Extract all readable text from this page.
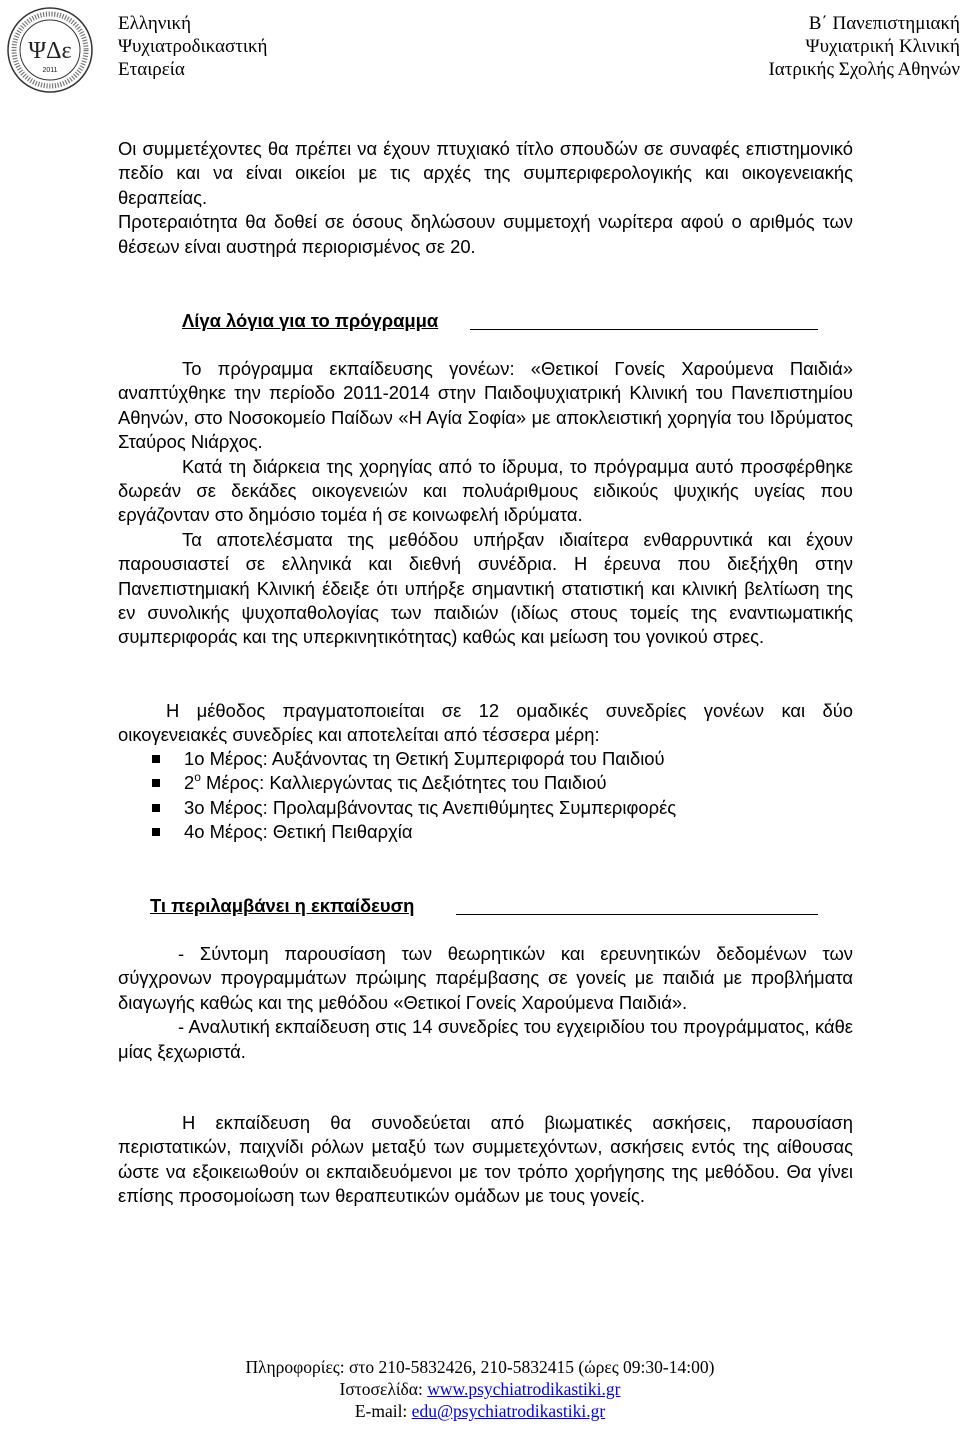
ΨΔε
2011
Ελληνική
Ψυχιατροδικαστική
Εταιρεία
Β΄ Πανεπιστημιακή
Ψυχιατρική Κλινική
Ιατρικής Σχολής Αθηνών

Οι συμμετέχοντες θα πρέπει να έχουν πτυχιακό τίτλο σπουδών σε συναφές επιστημονικό πεδίο και να είναι οικείοι με τις αρχές της συμπεριφερολογικής και οικογενειακής θεραπείας.

Προτεραιότητα θα δοθεί σε όσους δηλώσουν συμμετοχή νωρίτερα αφού ο αριθμός των θέσεων είναι αυστηρά περιορισμένος σε 20.

Λίγα λόγια για το πρόγραμμα

Το πρόγραμμα εκπαίδευσης γονέων: «Θετικοί Γονείς Χαρούμενα Παιδιά» αναπτύχθηκε την περίοδο 2011-2014 στην Παιδοψυχιατρική Κλινική του Πανεπιστημίου Αθηνών, στο Νοσοκομείο Παίδων «Η Αγία Σοφία» με αποκλειστική χορηγία του Ιδρύματος Σταύρος Νιάρχος.

Κατά τη διάρκεια της χορηγίας από το ίδρυμα, το πρόγραμμα αυτό προσφέρθηκε δωρεάν σε δεκάδες οικογενειών και πολυάριθμους ειδικούς ψυχικής υγείας που εργάζονταν στο δημόσιο τομέα ή σε κοινωφελή ιδρύματα.

Τα αποτελέσματα της μεθόδου υπήρξαν ιδιαίτερα ενθαρρυντικά και έχουν παρουσιαστεί σε ελληνικά και διεθνή συνέδρια. Η έρευνα που διεξήχθη στην Πανεπιστημιακή Κλινική έδειξε ότι υπήρξε σημαντική στατιστική και κλινική βελτίωση της εν συνολικής ψυχοπαθολογίας των παιδιών (ιδίως στους τομείς της εναντιωματικής συμπεριφοράς και της υπερκινητικότητας) καθώς και μείωση του γονικού στρες.

Η μέθοδος πραγματοποιείται σε 12 ομαδικές συνεδρίες γονέων και δύο οικογενειακές συνεδρίες και αποτελείται από τέσσερα μέρη:

1ο Μέρος: Αυξάνοντας τη Θετική Συμπεριφορά του Παιδιού
$2^o$ Μέρος: Καλλιεργώντας τις Δεξιότητες του Παιδιού
3ο Μέρος: Προλαμβάνοντας τις Ανεπιθύμητες Συμπεριφορές
4ο Μέρος: Θετική Πειθαρχία
Τι περιλαμβάνει η εκπαίδευση

- Σύντομη παρουσίαση των θεωρητικών και ερευνητικών δεδομένων των σύγχρονων προγραμμάτων πρώιμης παρέμβασης σε γονείς με παιδιά με προβλήματα διαγωγής καθώς και της μεθόδου «Θετικοί Γονείς Χαρούμενα Παιδιά».

- Αναλυτική εκπαίδευση στις 14 συνεδρίες του εγχειριδίου του προγράμματος, κάθε μίας ξεχωριστά.

Η εκπαίδευση θα συνοδεύεται από βιωματικές ασκήσεις, παρουσίαση περιστατικών, παιχνίδι ρόλων μεταξύ των συμμετεχόντων, ασκήσεις εντός της αίθουσας ώστε να εξοικειωθούν οι εκπαιδευόμενοι με τον τρόπο χορήγησης της μεθόδου. Θα γίνει επίσης προσομοίωση των θεραπευτικών ομάδων με τους γονείς.

Πληροφορίες: στο 210-5832426, 210-5832415 (ώρες 09:30-14:00)
Ιστοσελίδα: www.psychiatrodikastiki.gr
E-mail: edu@psychiatrodikastiki.gr
